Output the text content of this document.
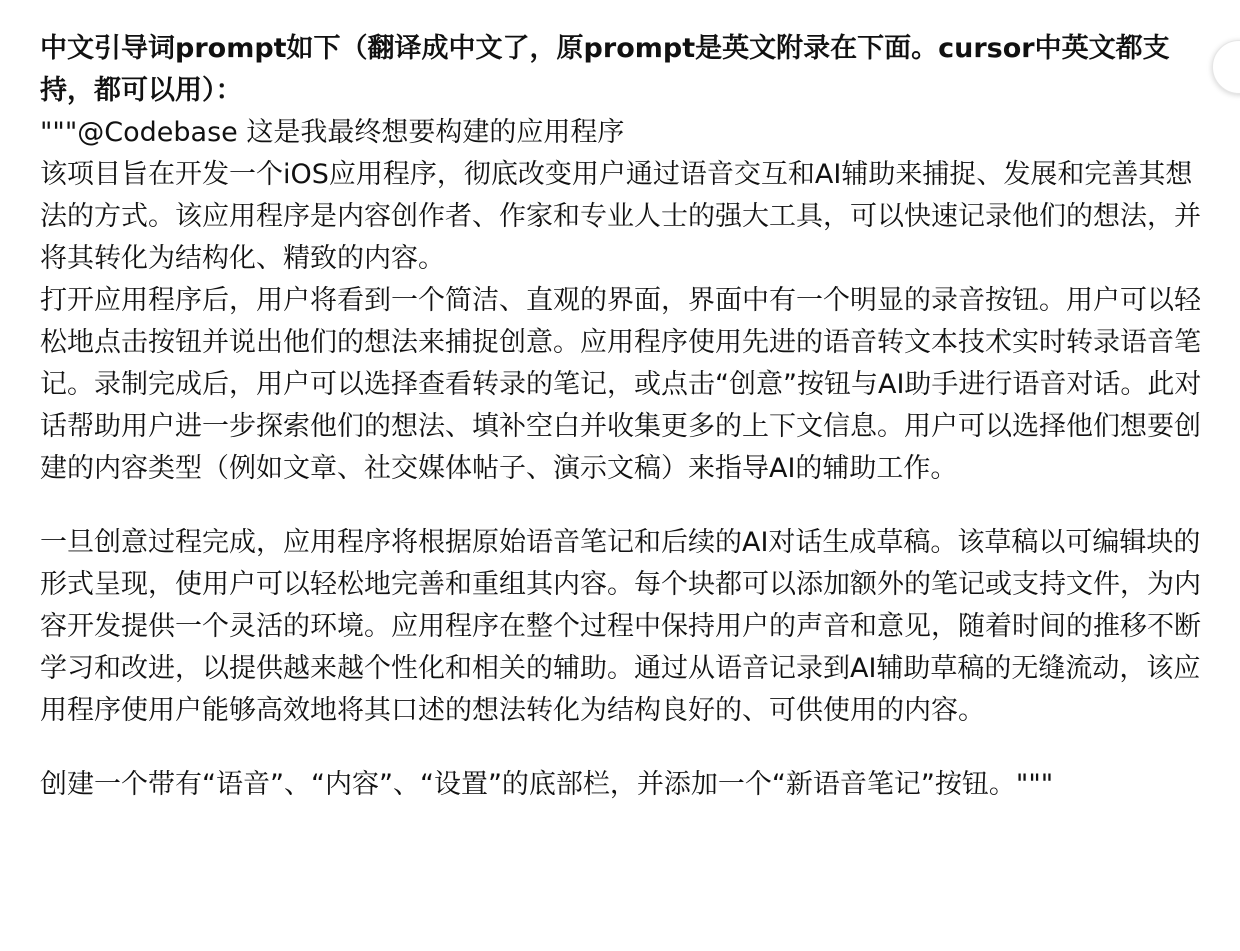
中文引导词prompt如下（翻译成中文了，原prompt是英文附录在下面。cursor中英文都支持，都可以用）：

"""@Codebase 这是我最终想要构建的应用程序

该项目旨在开发一个iOS应用程序，彻底改变用户通过语音交互和AI辅助来捕捉、发展和完善其想法的方式。该应用程序是内容创作者、作家和专业人士的强大工具，可以快速记录他们的想法，并将其转化为结构化、精致的内容。

打开应用程序后，用户将看到一个简洁、直观的界面，界面中有一个明显的录音按钮。用户可以轻松地点击按钮并说出他们的想法来捕捉创意。应用程序使用先进的语音转文本技术实时转录语音笔记。录制完成后，用户可以选择查看转录的笔记，或点击“创意”按钮与AI助手进行语音对话。此对话帮助用户进一步探索他们的想法、填补空白并收集更多的上下文信息。用户可以选择他们想要创建的内容类型（例如文章、社交媒体帖子、演示文稿）来指导AI的辅助工作。

一旦创意过程完成，应用程序将根据原始语音笔记和后续的AI对话生成草稿。该草稿以可编辑块的形式呈现，使用户可以轻松地完善和重组其内容。每个块都可以添加额外的笔记或支持文件，为内容开发提供一个灵活的环境。应用程序在整个过程中保持用户的声音和意见，随着时间的推移不断学习和改进，以提供越来越个性化和相关的辅助。通过从语音记录到AI辅助草稿的无缝流动，该应用程序使用户能够高效地将其口述的想法转化为结构良好的、可供使用的内容。

创建一个带有“语音”、“内容”、“设置”的底部栏，并添加一个“新语音笔记”按钮。"""
